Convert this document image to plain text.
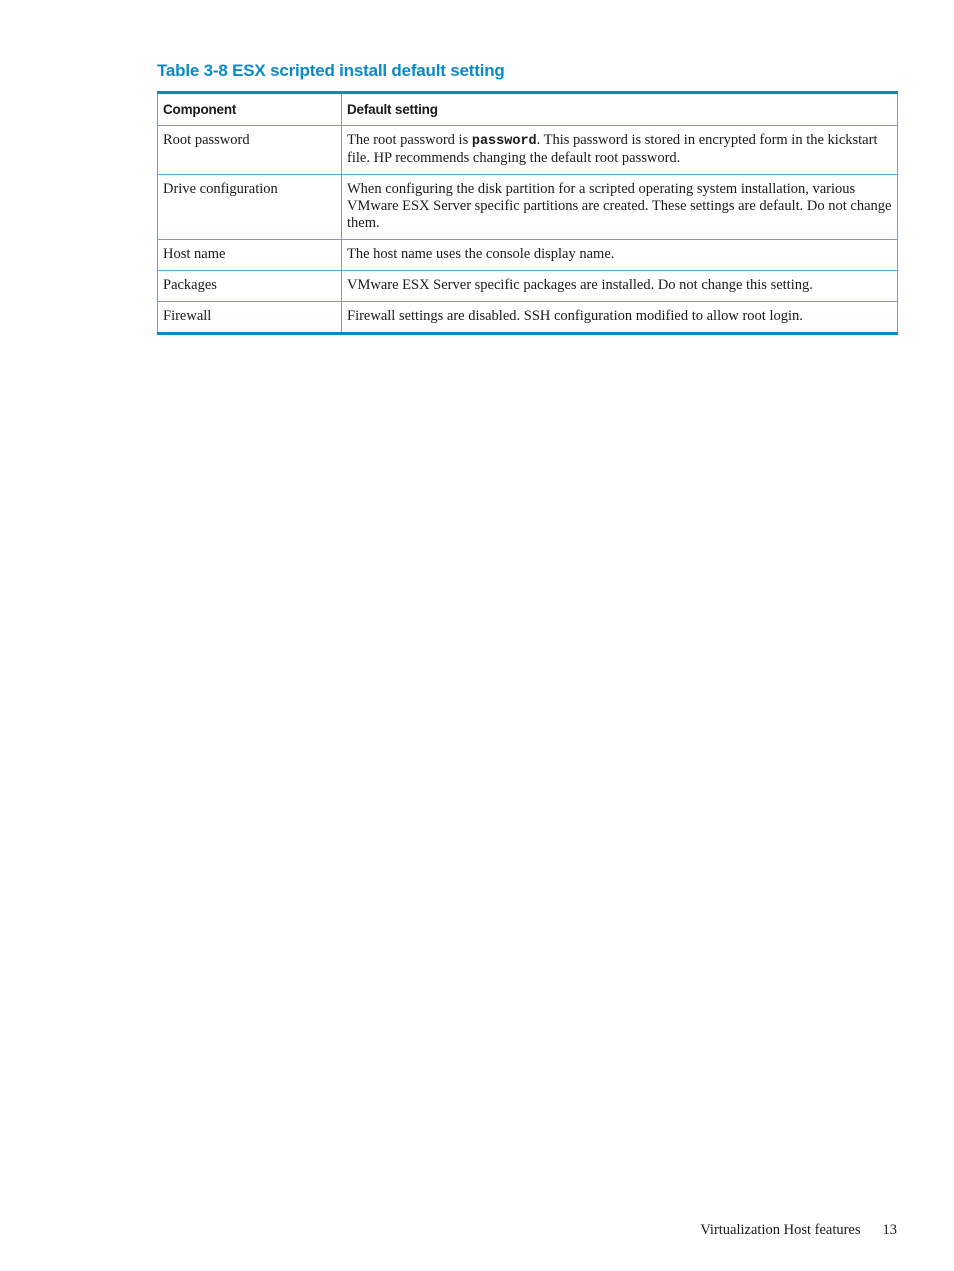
Table 3-8 ESX scripted install default setting
Component	Default setting
Root password	The root password is password. This password is stored in encrypted form in the kickstart file. HP recommends changing the default root password.
Drive configuration	When configuring the disk partition for a scripted operating system installation, various VMware ESX Server specific partitions are created. These settings are default. Do not change them.
Host name	The host name uses the console display name.
Packages	VMware ESX Server specific packages are installed. Do not change this setting.
Firewall	Firewall settings are disabled. SSH configuration modified to allow root login.
Virtualization Host features 13
